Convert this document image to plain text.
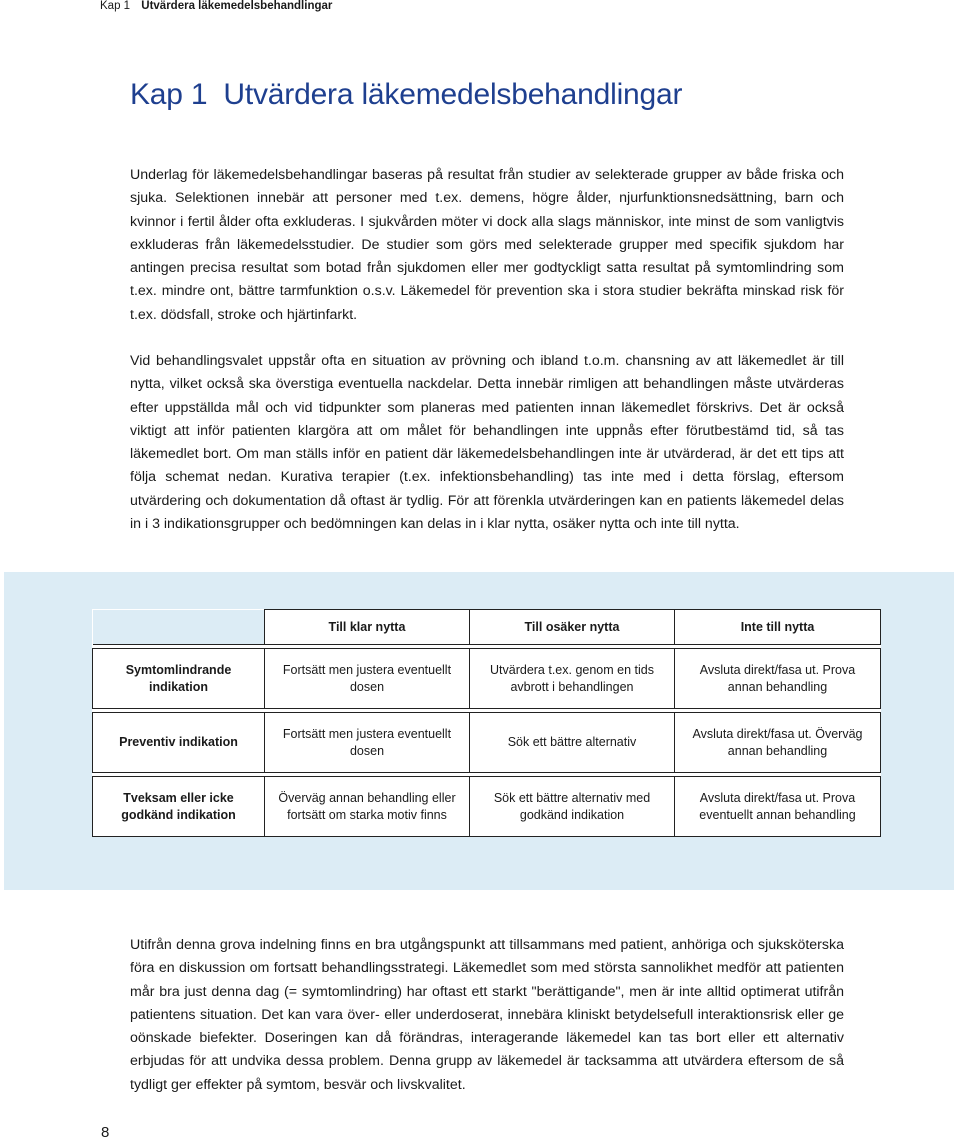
Kap 1 Utvärdera läkemedelsbehandlingar
Kap 1 Utvärdera läkemedelsbehandlingar

Underlag för läkemedelsbehandlingar baseras på resultat från studier av selekterade grupper av både friska och sjuka. Selektionen innebär att personer med t.ex. demens, högre ålder, njurfunktionsnedsättning, barn och kvinnor i fertil ålder ofta exkluderas. I sjukvården möter vi dock alla slags människor, inte minst de som vanligtvis exkluderas från läkemedelsstudier. De studier som görs med selekterade grupper med specifik sjukdom har antingen precisa resultat som botad från sjukdomen eller mer godtyckligt satta resultat på symtomlindring som t.ex. mindre ont, bättre tarmfunktion o.s.v. Läkemedel för prevention ska i stora studier bekräfta minskad risk för t.ex. dödsfall, stroke och hjärtinfarkt.

Vid behandlingsvalet uppstår ofta en situation av prövning och ibland t.o.m. chansning av att läkemedlet är till nytta, vilket också ska överstiga eventuella nackdelar. Detta innebär rimligen att behandlingen måste utvärderas efter uppställda mål och vid tidpunkter som planeras med patienten innan läkemedlet förskrivs. Det är också viktigt att inför patienten klargöra att om målet för behandlingen inte uppnås efter förutbestämd tid, så tas läkemedlet bort. Om man ställs inför en patient där läkemedelsbehandlingen inte är utvärderad, är det ett tips att följa schemat nedan. Kurativa terapier (t.ex. infektionsbehandling) tas inte med i detta förslag, eftersom utvärdering och dokumentation då oftast är tydlig. För att förenkla utvärderingen kan en patients läkemedel delas in i 3 indikationsgrupper och bedömningen kan delas in i klar nytta, osäker nytta och inte till nytta.

	Till klar nytta	Till osäker nytta	Inte till nytta

Symtomlindrande indikation	Fortsätt men justera eventuellt dosen	Utvärdera t.ex. genom en tids avbrott i behandlingen	Avsluta direkt/fasa ut. Prova annan behandling

Preventiv indikation	Fortsätt men justera eventuellt dosen	Sök ett bättre alternativ	Avsluta direkt/fasa ut. Överväg annan behandling

Tveksam eller icke godkänd indikation	Överväg annan behandling eller fortsätt om starka motiv finns	Sök ett bättre alternativ med godkänd indikation	Avsluta direkt/fasa ut. Prova eventuellt annan behandling

Utifrån denna grova indelning finns en bra utgångspunkt att tillsammans med patient, anhöriga och sjuksköterska föra en diskussion om fortsatt behandlingsstrategi. Läkemedlet som med största sannolikhet medför att patienten mår bra just denna dag (= symtomlindring) har oftast ett starkt "berättigande", men är inte alltid optimerat utifrån patientens situation. Det kan vara över- eller underdoserat, innebära kliniskt betydelsefull interaktionsrisk eller ge oönskade biefekter. Doseringen kan då förändras, interagerande läkemedel kan tas bort eller ett alternativ erbjudas för att undvika dessa problem. Denna grupp av läkemedel är tacksamma att utvärdera eftersom de så tydligt ger effekter på symtom, besvär och livskvalitet.

8
